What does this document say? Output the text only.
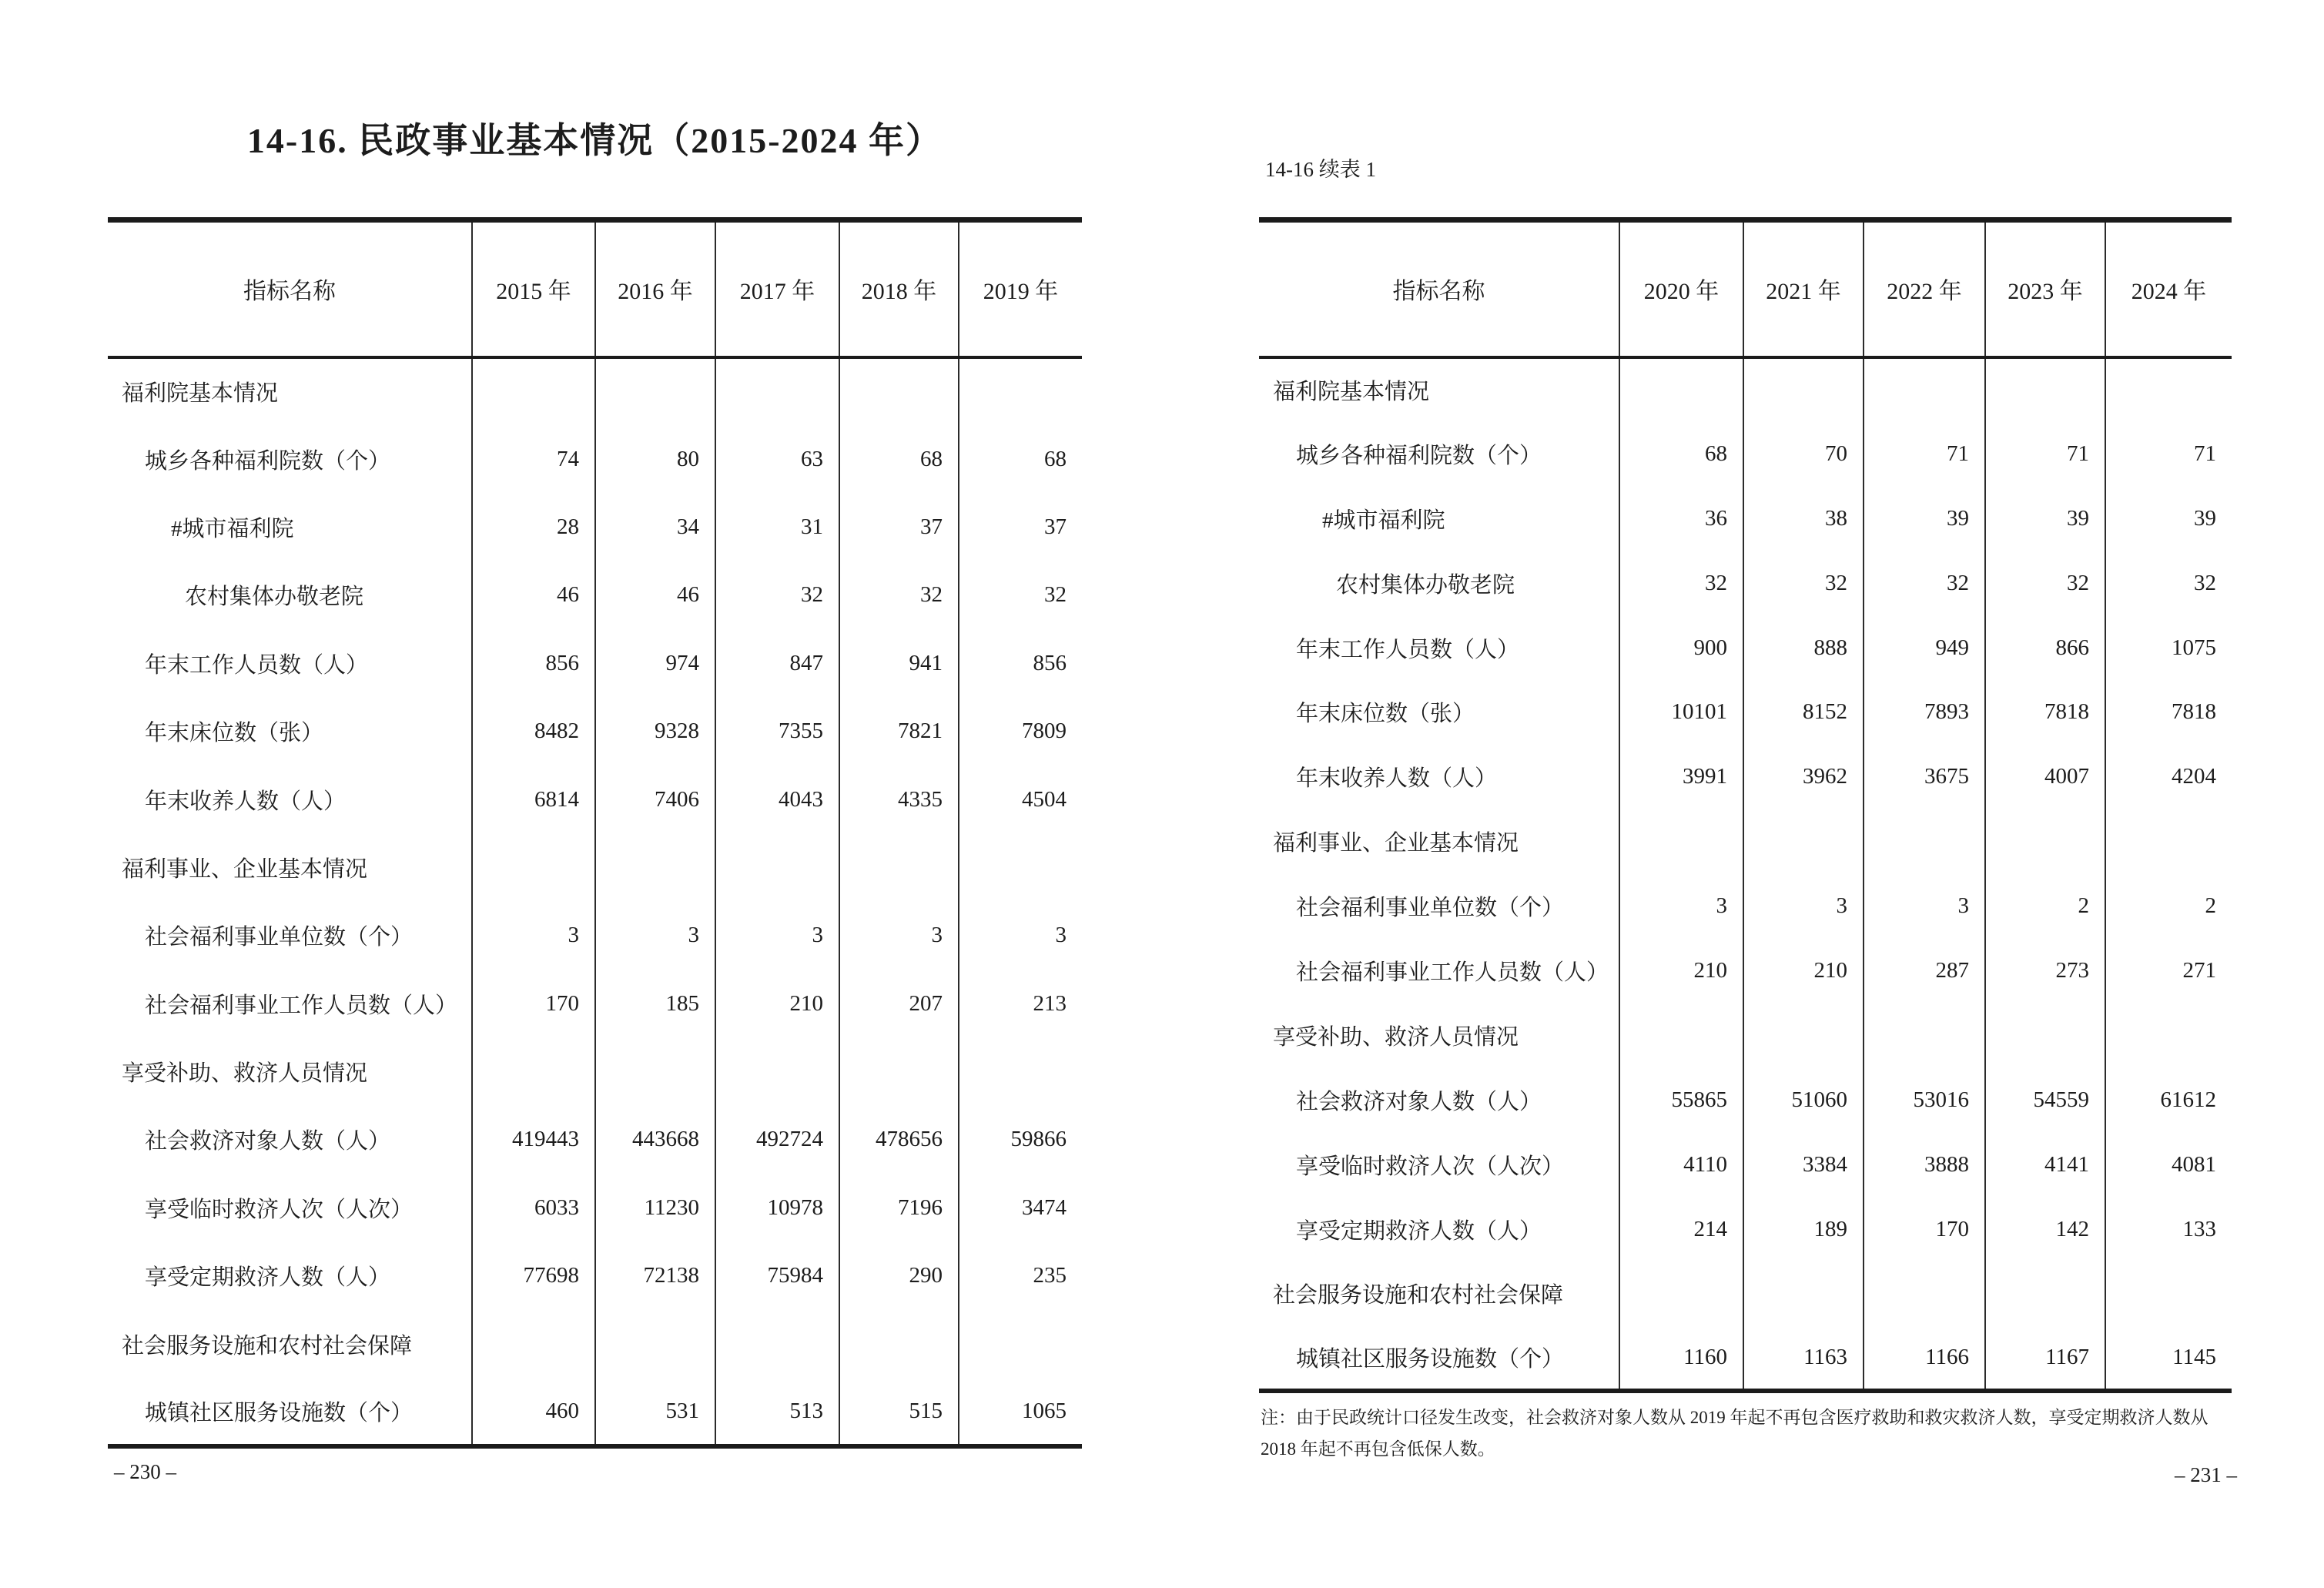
14-16. 民政事业基本情况（2015-2024 年）
指标名称	2015 年	2016 年	2017 年	2018 年	2019 年
福利院基本情况					
城乡各种福利院数（个）	74	80	63	68	68
#城市福利院	28	34	31	37	37
农村集体办敬老院	46	46	32	32	32
年末工作人员数（人）	856	974	847	941	856
年末床位数（张）	8482	9328	7355	7821	7809
年末收养人数（人）	6814	7406	4043	4335	4504
福利事业、企业基本情况					
社会福利事业单位数（个）	3	3	3	3	3
社会福利事业工作人员数（人）	170	185	210	207	213
享受补助、救济人员情况					
社会救济对象人数（人）	419443	443668	492724	478656	59866
享受临时救济人次（人次）	6033	11230	10978	7196	3474
享受定期救济人数（人）	77698	72138	75984	290	235
社会服务设施和农村社会保障					
城镇社区服务设施数（个）	460	531	513	515	1065
– 230 –
14-16 续表 1
指标名称	2020 年	2021 年	2022 年	2023 年	2024 年
福利院基本情况					
城乡各种福利院数（个）	68	70	71	71	71
#城市福利院	36	38	39	39	39
农村集体办敬老院	32	32	32	32	32
年末工作人员数（人）	900	888	949	866	1075
年末床位数（张）	10101	8152	7893	7818	7818
年末收养人数（人）	3991	3962	3675	4007	4204
福利事业、企业基本情况					
社会福利事业单位数（个）	3	3	3	2	2
社会福利事业工作人员数（人）	210	210	287	273	271
享受补助、救济人员情况					
社会救济对象人数（人）	55865	51060	53016	54559	61612
享受临时救济人次（人次）	4110	3384	3888	4141	4081
享受定期救济人数（人）	214	189	170	142	133
社会服务设施和农村社会保障					
城镇社区服务设施数（个）	1160	1163	1166	1167	1145
注：由于民政统计口径发生改变，社会救济对象人数从 2019 年起不再包含医疗救助和救灾救济人数，享受定期救济人数从
2018 年起不再包含低保人数。
– 231 –
